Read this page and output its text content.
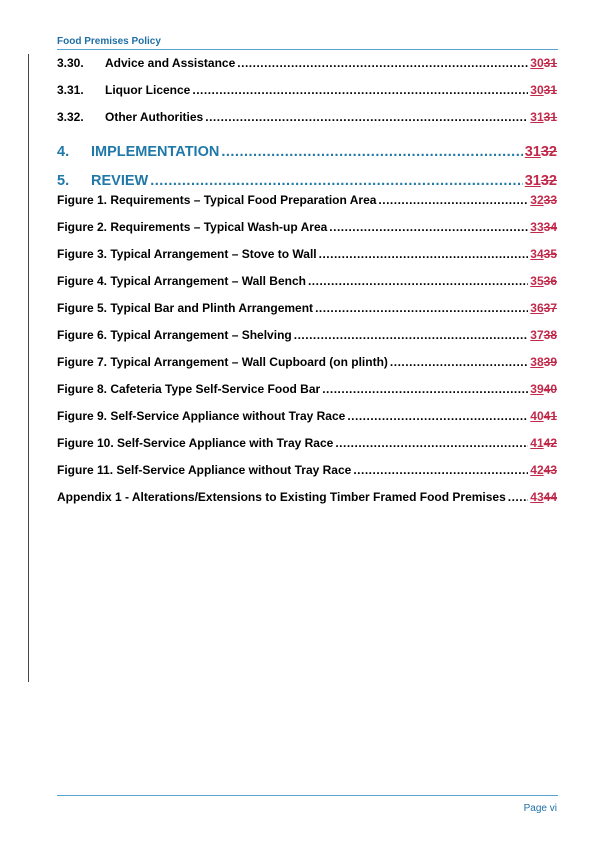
Food Premises Policy
3.30.	Advice and Assistance .....	3031
3.31.	Liquor Licence .....	3031
3.32.	Other Authorities .....	3131
4.	IMPLEMENTATION .....	3132
5.	REVIEW .....	3132
Figure 1. Requirements – Typical Food Preparation Area .....	3233
Figure 2. Requirements – Typical Wash-up Area .....	3334
Figure 3. Typical Arrangement – Stove to Wall .....	3435
Figure 4. Typical Arrangement – Wall Bench .....	3536
Figure 5. Typical Bar and Plinth Arrangement .....	3637
Figure 6. Typical Arrangement – Shelving .....	3738
Figure 7. Typical Arrangement – Wall Cupboard (on plinth) .....	3839
Figure 8. Cafeteria Type Self-Service Food Bar .....	3940
Figure 9. Self-Service Appliance without Tray Race .....	4041
Figure 10. Self-Service Appliance with Tray Race .....	4142
Figure 11. Self-Service Appliance without Tray Race .....	4243
Appendix 1 - Alterations/Extensions to Existing Timber Framed Food Premises ..... 4344
Page vi
